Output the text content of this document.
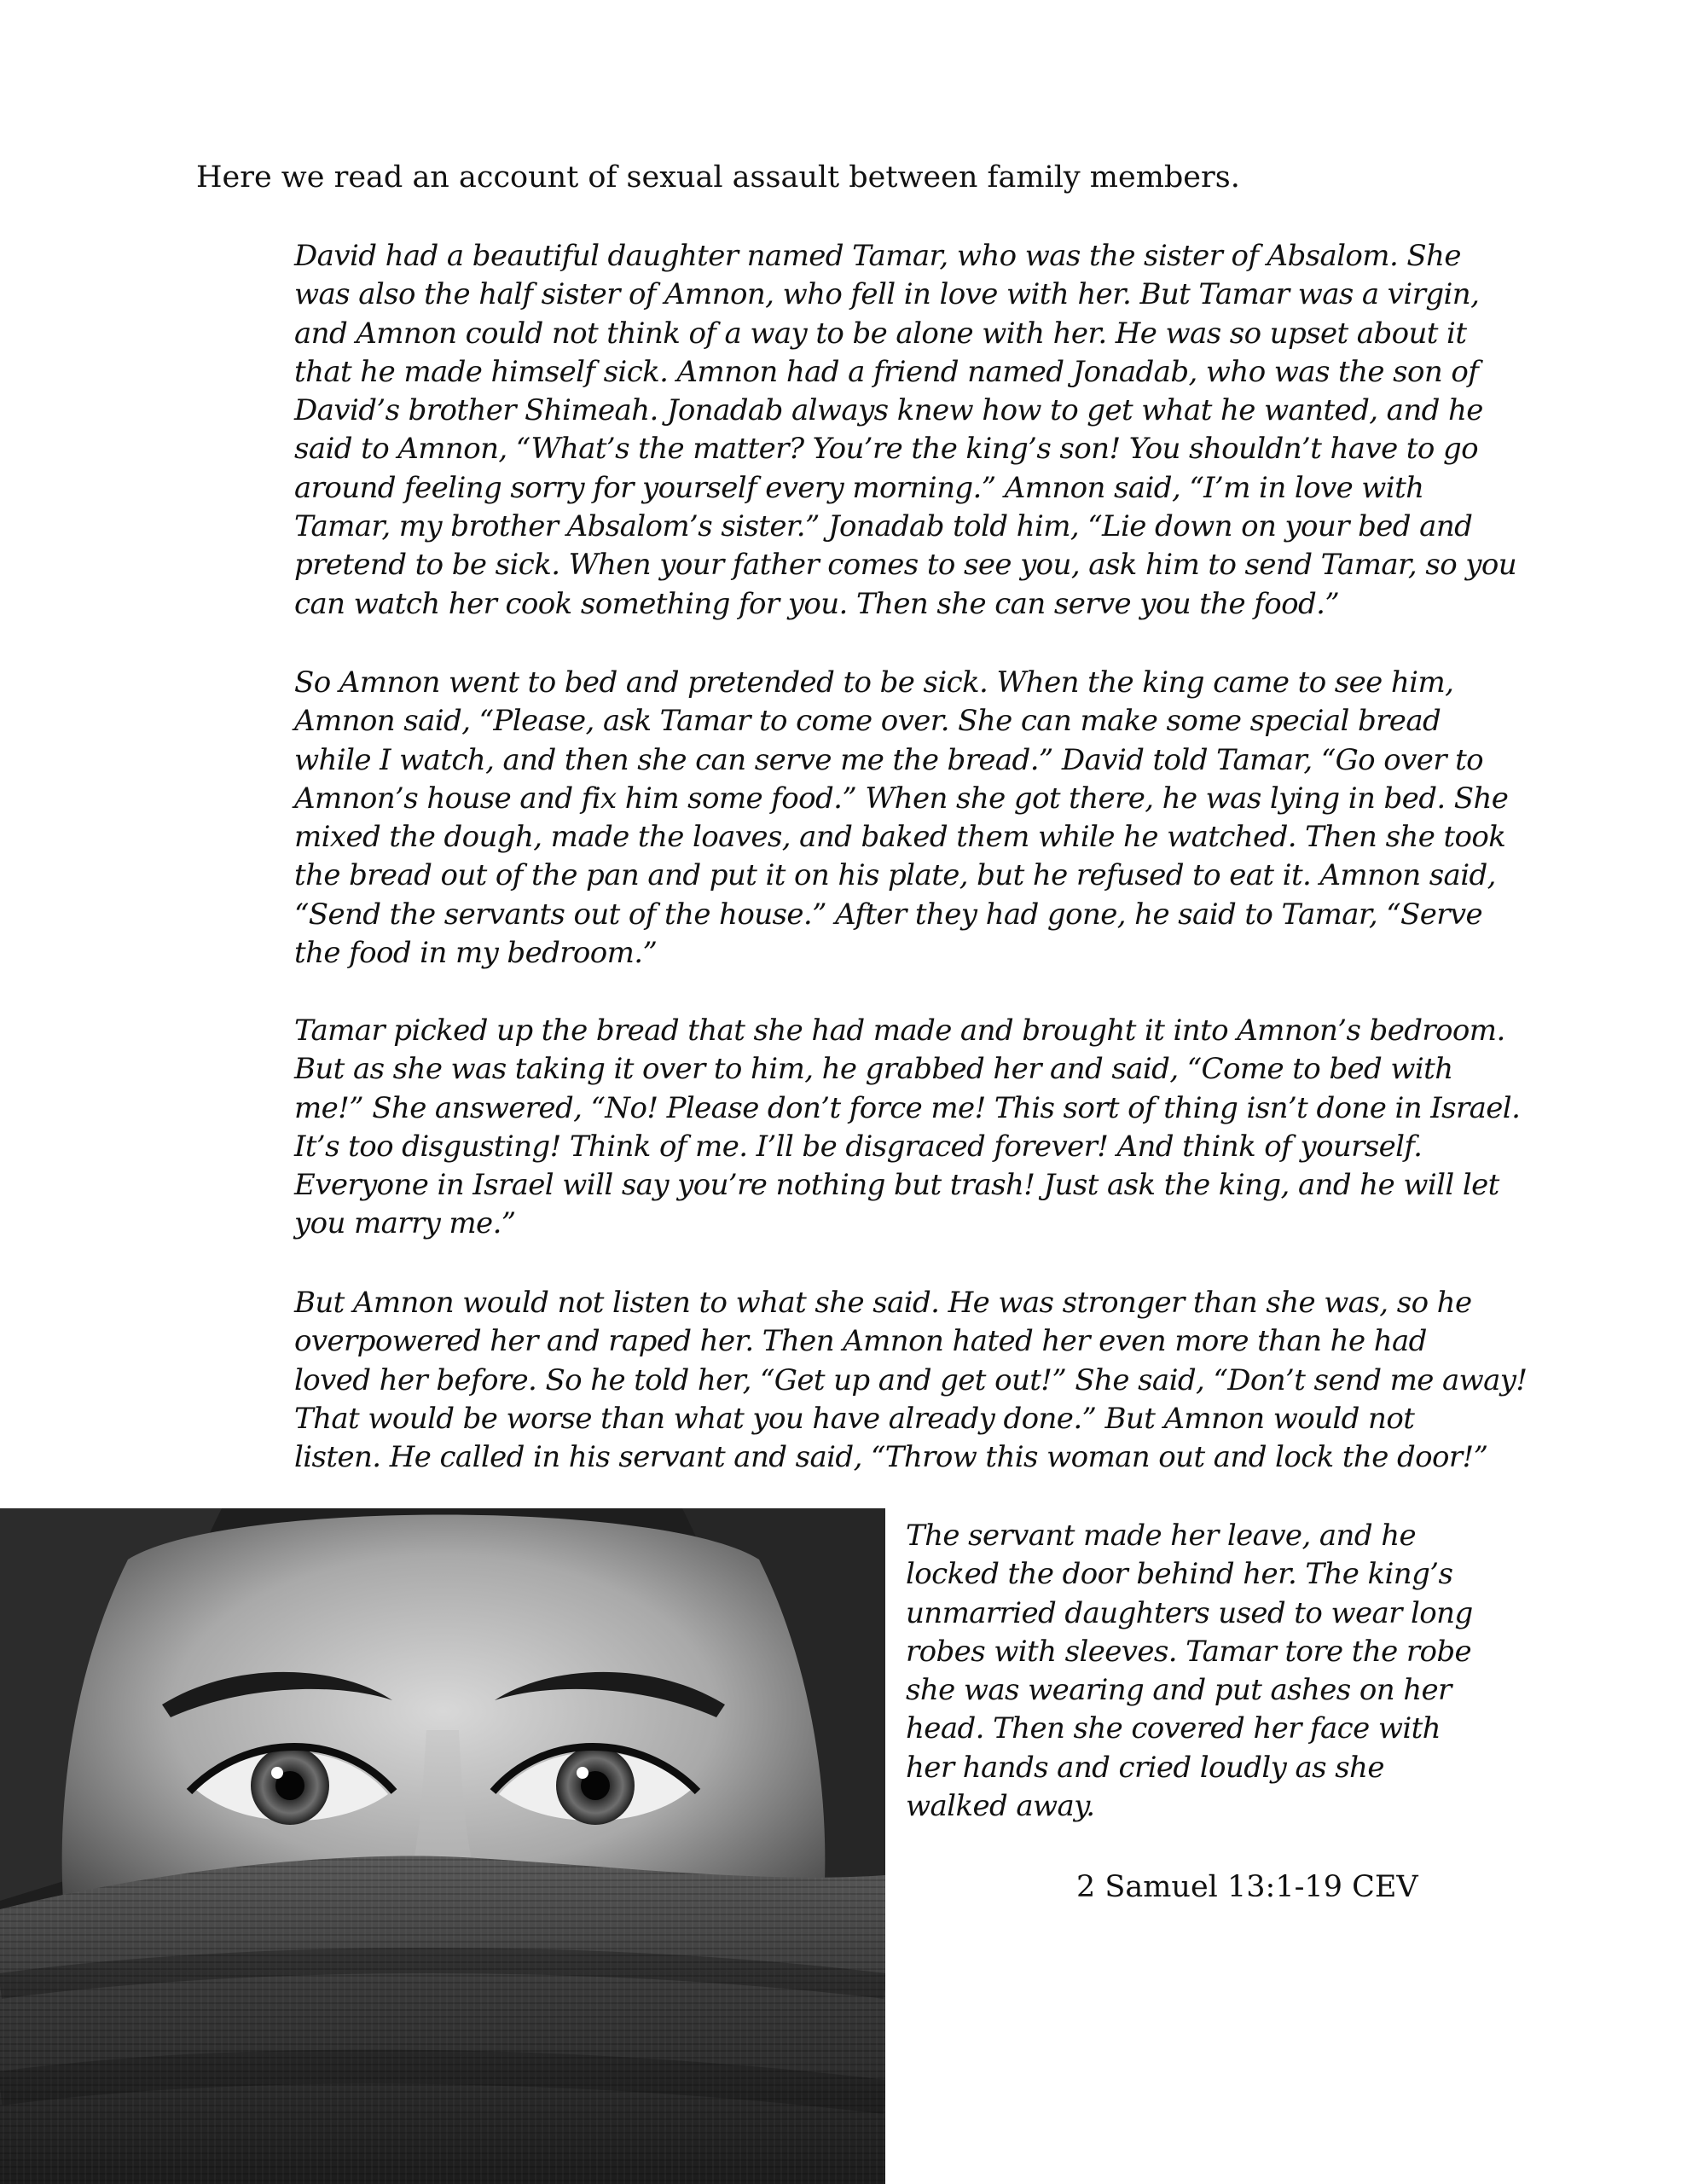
Here we read an account of sexual assault between family members.
David had a beautiful daughter named Tamar, who was the sister of Absalom. She
was also the half sister of Amnon, who fell in love with her. But Tamar was a virgin,
and Amnon could not think of a way to be alone with her. He was so upset about it
that he made himself sick. Amnon had a friend named Jonadab, who was the son of
David’s brother Shimeah. Jonadab always knew how to get what he wanted, and he
said to Amnon, “What’s the matter? You’re the king’s son! You shouldn’t have to go
around feeling sorry for yourself every morning.” Amnon said, “I’m in love with
Tamar, my brother Absalom’s sister.” Jonadab told him, “Lie down on your bed and
pretend to be sick. When your father comes to see you, ask him to send Tamar, so you
can watch her cook something for you. Then she can serve you the food.”
So Amnon went to bed and pretended to be sick. When the king came to see him,
Amnon said, “Please, ask Tamar to come over. She can make some special bread
while I watch, and then she can serve me the bread.” David told Tamar, “Go over to
Amnon’s house and fix him some food.” When she got there, he was lying in bed. She
mixed the dough, made the loaves, and baked them while he watched. Then she took
the bread out of the pan and put it on his plate, but he refused to eat it. Amnon said,
“Send the servants out of the house.” After they had gone, he said to Tamar, “Serve
the food in my bedroom.”
Tamar picked up the bread that she had made and brought it into Amnon’s bedroom.
But as she was taking it over to him, he grabbed her and said, “Come to bed with
me!” She answered, “No! Please don’t force me! This sort of thing isn’t done in Israel.
It’s too disgusting! Think of me. I’ll be disgraced forever! And think of yourself.
Everyone in Israel will say you’re nothing but trash! Just ask the king, and he will let
you marry me.”
But Amnon would not listen to what she said. He was stronger than she was, so he
overpowered her and raped her. Then Amnon hated her even more than he had
loved her before. So he told her, “Get up and get out!” She said, “Don’t send me away!
That would be worse than what you have already done.” But Amnon would not
listen. He called in his servant and said, “Throw this woman out and lock the door!”
The servant made her leave, and he
locked the door behind her. The king’s
unmarried daughters used to wear long
robes with sleeves. Tamar tore the robe
she was wearing and put ashes on her
head. Then she covered her face with
her hands and cried loudly as she
walked away.
2 Samuel 13:1-19 CEV
